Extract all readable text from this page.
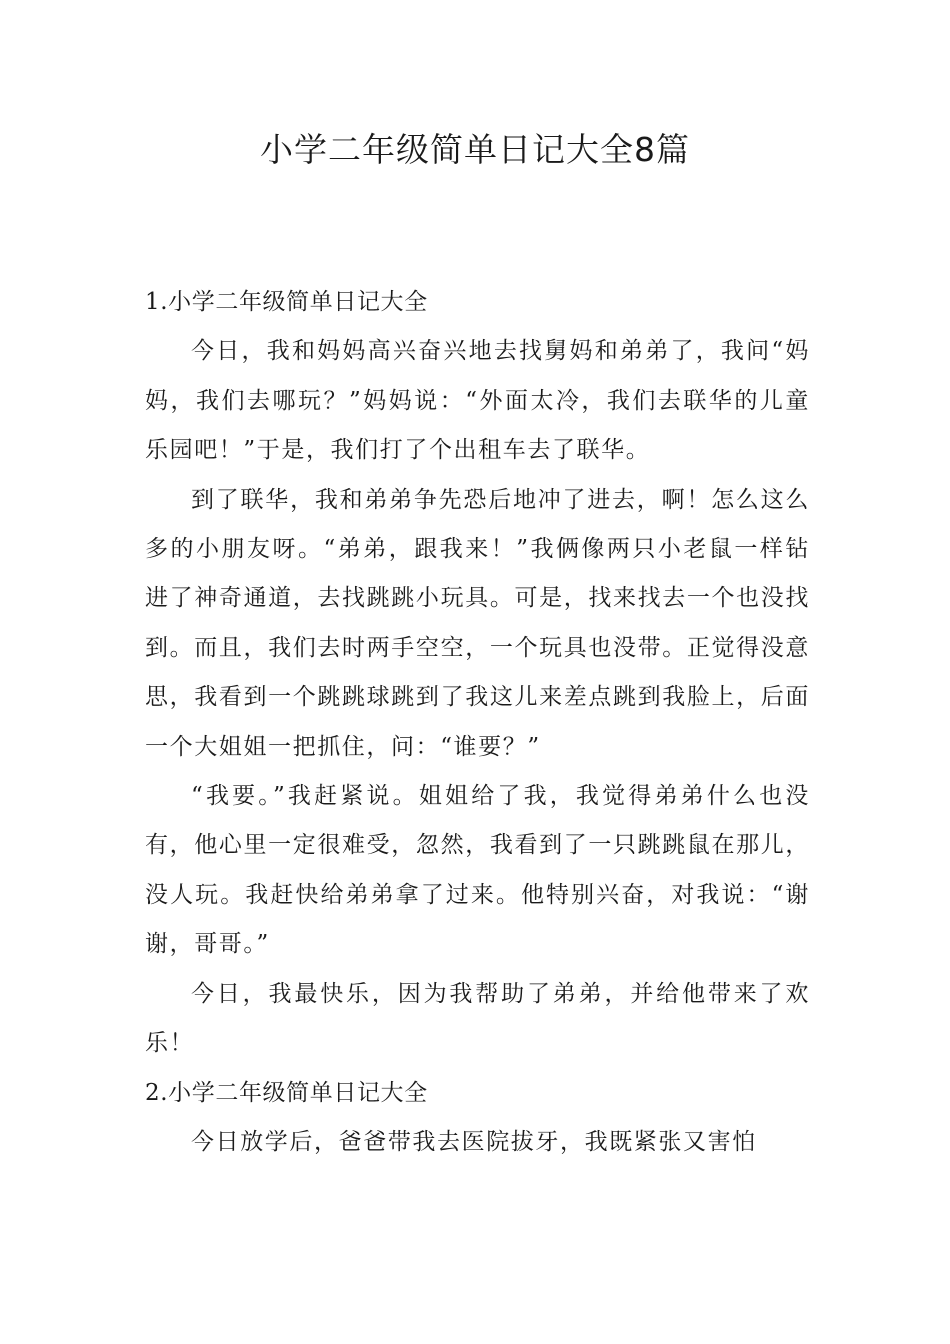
小学二年级简单日记大全8篇

1.小学二年级简单日记大全

今日，我和妈妈高兴奋兴地去找舅妈和弟弟了，我问“妈妈，我们去哪玩？”妈妈说：“外面太冷，我们去联华的儿童乐园吧！”于是，我们打了个出租车去了联华。

到了联华，我和弟弟争先恐后地冲了进去，啊！怎么这么多的小朋友呀。“弟弟，跟我来！”我俩像两只小老鼠一样钻进了神奇通道，去找跳跳小玩具。可是，找来找去一个也没找到。而且，我们去时两手空空，一个玩具也没带。正觉得没意思，我看到一个跳跳球跳到了我这儿来差点跳到我脸上，后面一个大姐姐一把抓住，问：“谁要？”

“我要。”我赶紧说。姐姐给了我，我觉得弟弟什么也没有，他心里一定很难受，忽然，我看到了一只跳跳鼠在那儿，没人玩。我赶快给弟弟拿了过来。他特别兴奋，对我说：“谢谢，哥哥。”

今日，我最快乐，因为我帮助了弟弟，并给他带来了欢乐！

2.小学二年级简单日记大全

今日放学后，爸爸带我去医院拔牙，我既紧张又害怕
